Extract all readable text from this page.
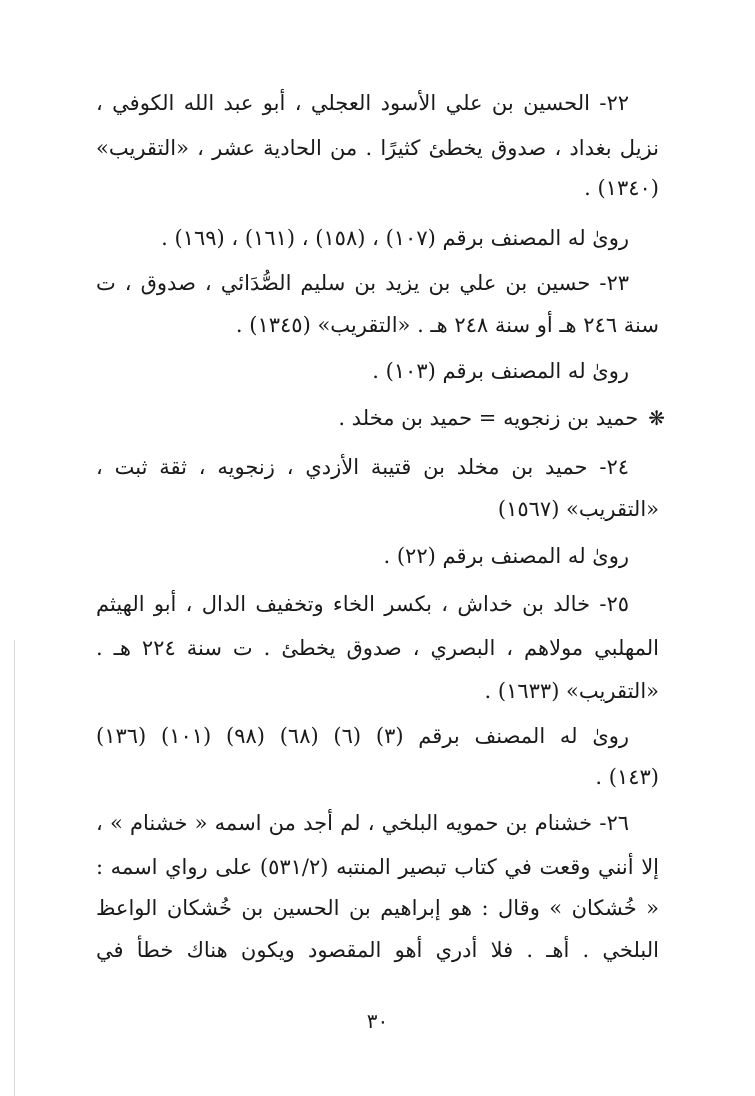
٢٢- الحسين بن علي الأسود العجلي ، أبو عبد الله الكوفي ،
نزيل بغداد ، صدوق يخطئ كثيرًا . من الحادية عشر ، «التقريب»
(١٣٤٠) .
روىٰ له المصنف برقم (١٠٧) ، (١٥٨) ، (١٦١) ، (١٦٩) .
٢٣- حسين بن علي بن يزيد بن سليم الصُّدَائي ، صدوق ، ت
سنة ٢٤٦ هـ أو سنة ٢٤٨ هـ . «التقريب» (١٣٤٥) .
روىٰ له المصنف برقم (١٠٣) .
❋حميد بن زنجويه = حميد بن مخلد .
٢٤- حميد بن مخلد بن قتيبة الأزدي ، زنجويه ، ثقة ثبت ،
«التقريب» (١٥٦٧)
روىٰ له المصنف برقم (٢٢) .
٢٥- خالد بن خداش ، بكسر الخاء وتخفيف الدال ، أبو الهيثم
المهلبي مولاهم ، البصري ، صدوق يخطئ . ت سنة ٢٢٤ هـ .
«التقريب» (١٦٣٣) .
روىٰ له المصنف برقم (٣) (٦) (٦٨) (٩٨) (١٠١) (١٣٦)
(١٤٣) .
٢٦- خشنام بن حمويه البلخي ، لم أجد من اسمه « خشنام » ،
إلا أنني وقعت في كتاب تبصير المنتبه (٥٣١/٢) على رواي اسمه :
« خُشكان » وقال : هو إبراهيم بن الحسين بن خُشكان الواعظ
البلخي . أهـ . فلا أدري أهو المقصود ويكون هناك خطأ في
٣٠
